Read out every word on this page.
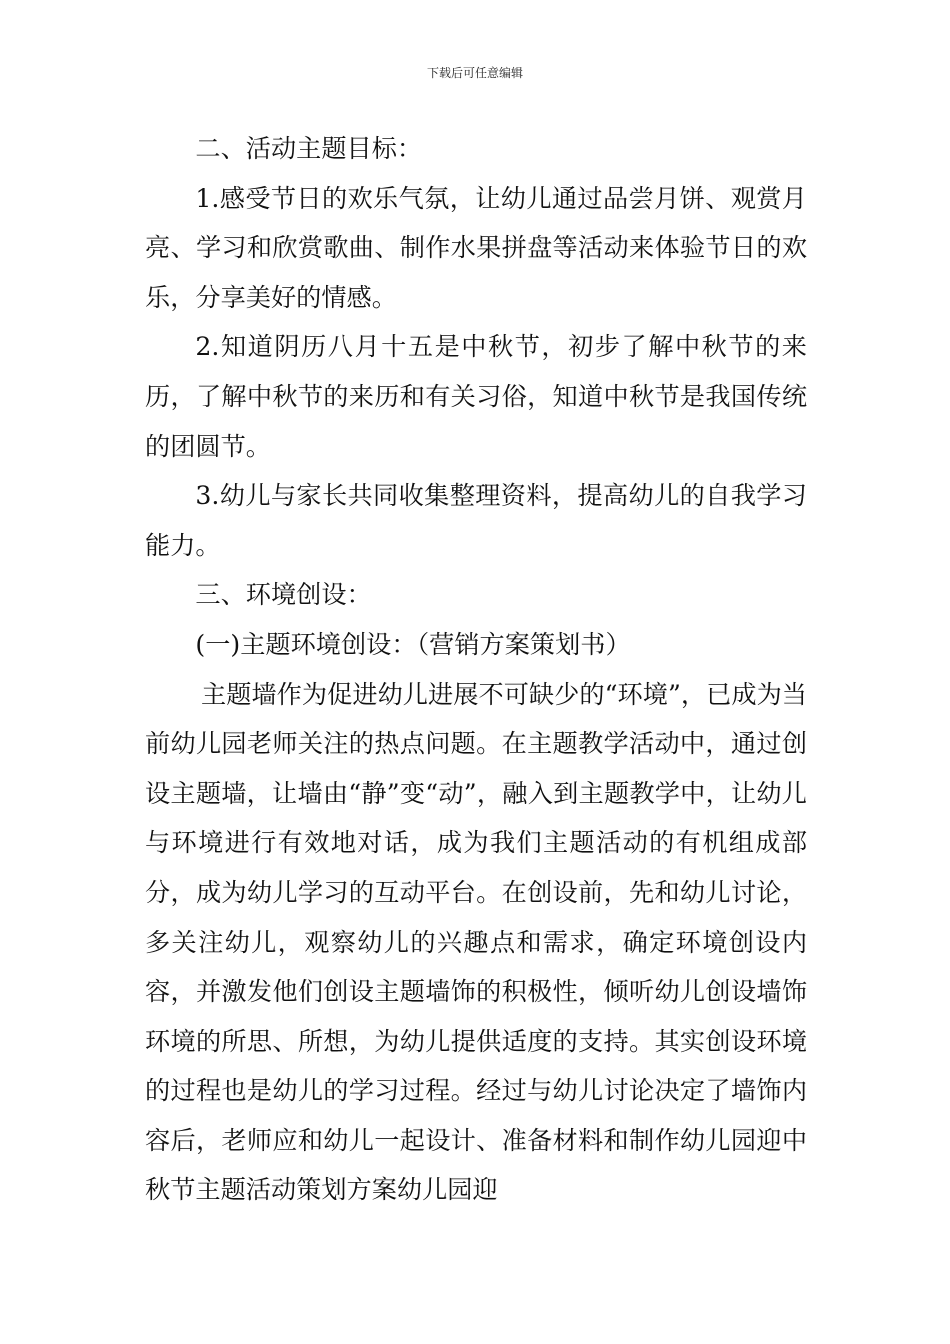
下载后可任意编辑

二、活动主题目标：

1.感受节日的欢乐气氛，让幼儿通过品尝月饼、观赏月亮、学习和欣赏歌曲、制作水果拼盘等活动来体验节日的欢乐，分享美好的情感。

2.知道阴历八月十五是中秋节，初步了解中秋节的来历，了解中秋节的来历和有关习俗，知道中秋节是我国传统的团圆节。

3.幼儿与家长共同收集整理资料，提高幼儿的自我学习能力。

三、环境创设：

(一)主题环境创设：（营销方案策划书）

主题墙作为促进幼儿进展不可缺少的“环境”，已成为当前幼儿园老师关注的热点问题。在主题教学活动中，通过创设主题墙，让墙由“静”变“动”，融入到主题教学中，让幼儿与环境进行有效地对话，成为我们主题活动的有机组成部分，成为幼儿学习的互动平台。在创设前，先和幼儿讨论，多关注幼儿，观察幼儿的兴趣点和需求，确定环境创设内容，并激发他们创设主题墙饰的积极性，倾听幼儿创设墙饰环境的所思、所想，为幼儿提供适度的支持。其实创设环境的过程也是幼儿的学习过程。经过与幼儿讨论决定了墙饰内容后，老师应和幼儿一起设计、准备材料和制作幼儿园迎中秋节主题活动策划方案幼儿园迎
